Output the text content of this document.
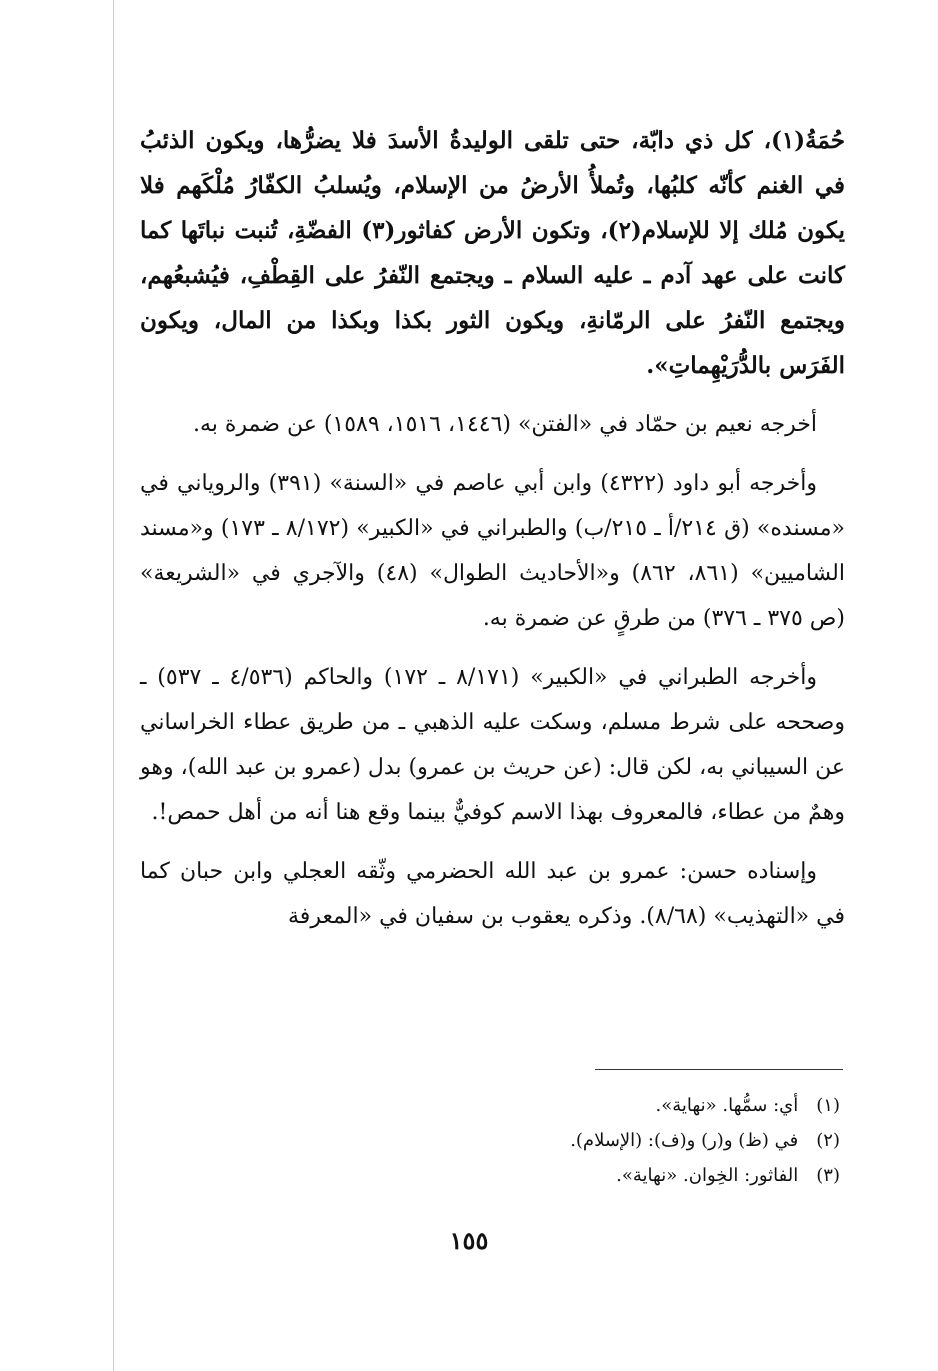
حُمَةُ(١)، كل ذي دابّة، حتى تلقى الوليدةُ الأسدَ فلا يضرُّها، ويكون الذئبُ في الغنم كأنّه كلبُها، وتُملأُ الأرضُ من الإسلام، ويُسلبُ الكفّارُ مُلْكَهم فلا يكون مُلك إلا للإسلام(٢)، وتكون الأرض كفاثور(٣) الفضّةِ، تُنبت نباتَها كما كانت على عهد آدم ـ عليه السلام ـ ويجتمع النّفرُ على القِطْفِ، فيُشبعُهم، ويجتمع النّفرُ على الرمّانةِ، ويكون الثور بكذا وبكذا من المال، ويكون الفَرَس بالدُّرَيْهِماتِ».

أخرجه نعيم بن حمّاد في «الفتن» (١٤٤٦، ١٥١٦، ١٥٨٩) عن ضمرة به.

وأخرجه أبو داود (٤٣٢٢) وابن أبي عاصم في «السنة» (٣٩١) والروياني في «مسنده» (ق ٢١٤/أ ـ ٢١٥/ب) والطبراني في «الكبير» (٨/١٧٢ ـ ١٧٣) و«مسند الشاميين» (٨٦١، ٨٦٢) و«الأحاديث الطوال» (٤٨) والآجري في «الشريعة» (ص ٣٧٥ ـ ٣٧٦) من طرقٍ عن ضمرة به.

وأخرجه الطبراني في «الكبير» (٨/١٧١ ـ ١٧٢) والحاكم (٤/٥٣٦ ـ ٥٣٧) ـ وصححه على شرط مسلم، وسكت عليه الذهبي ـ من طريق عطاء الخراساني عن السيباني به، لكن قال: (عن حريث بن عمرو) بدل (عمرو بن عبد الله)، وهو وهمٌ من عطاء، فالمعروف بهذا الاسم كوفيٌّ بينما وقع هنا أنه من أهل حمص!.

وإسناده حسن: عمرو بن عبد الله الحضرمي وثّقه العجلي وابن حبان كما في «التهذيب» (٨/٦٨). وذكره يعقوب بن سفيان في «المعرفة

(١) أي: سمُّها. «نهاية».
(٢) في (ظ) و(ر) و(ف): (الإسلام).
(٣) الفاثور: الخِوان. «نهاية».
١٥٥
